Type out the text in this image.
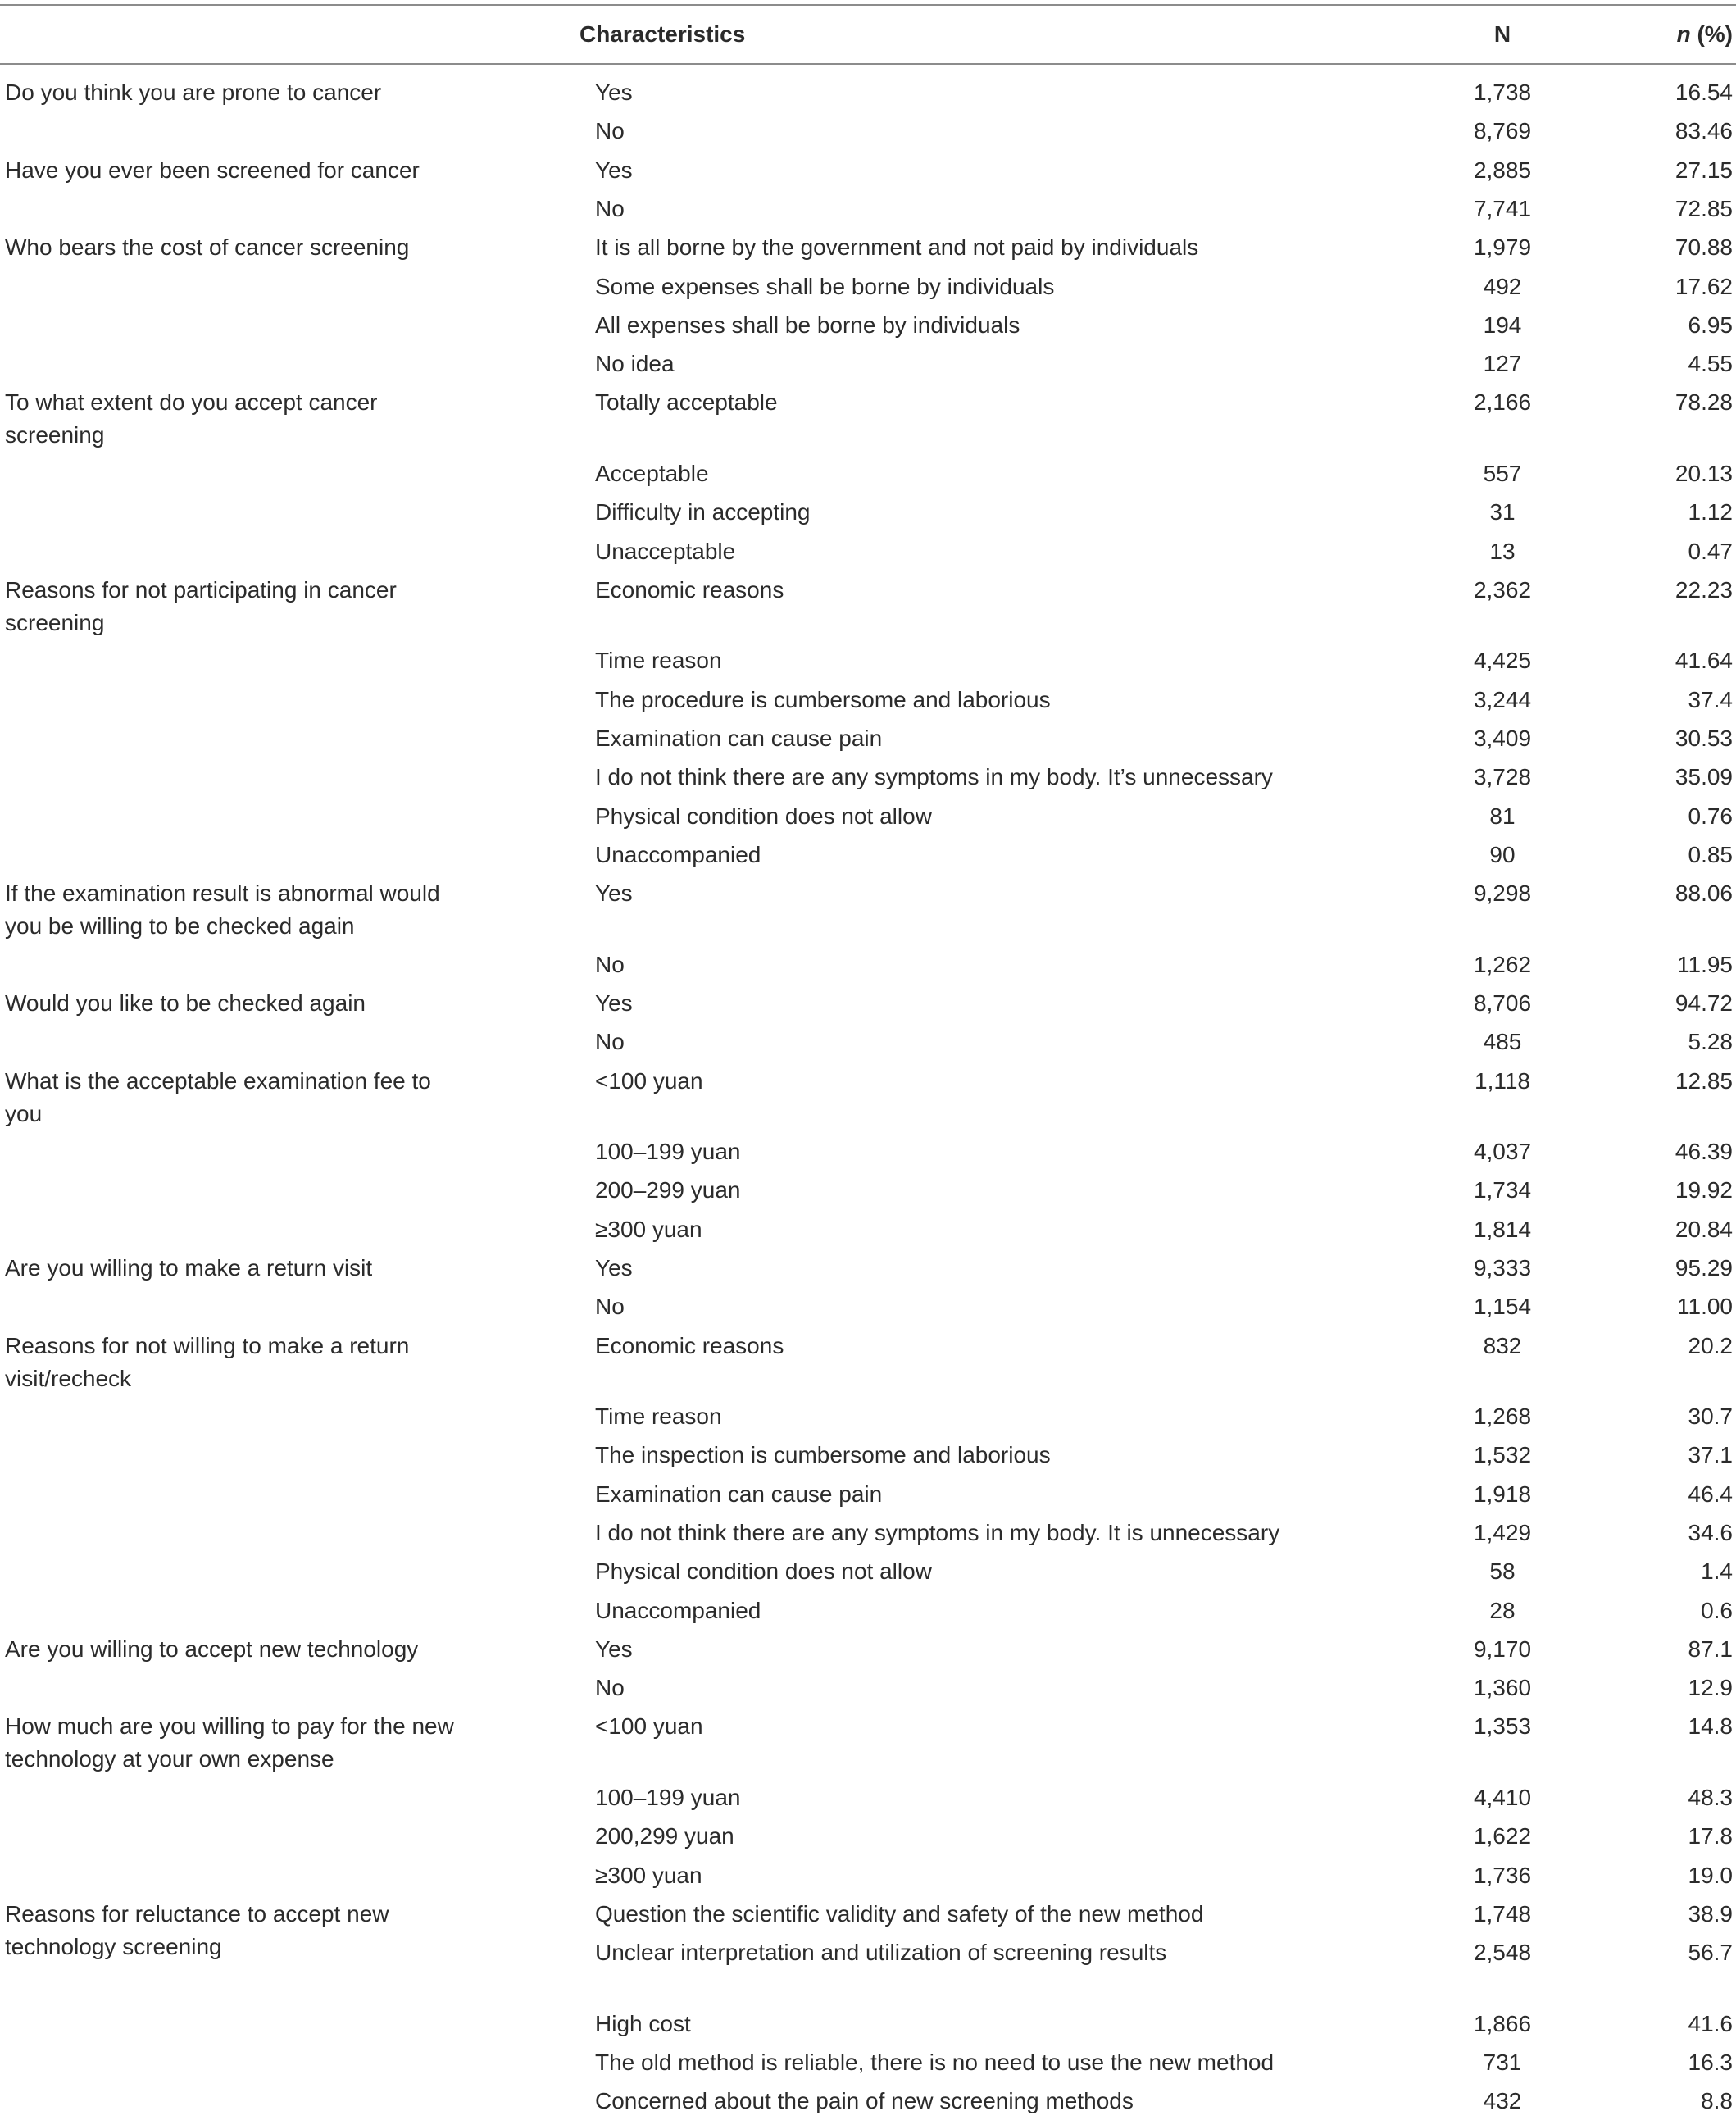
Characteristics	N	n (%)
Do you think you are prone to cancer	Yes	1,738	16.54
No	8,769	83.46
Have you ever been screened for cancer	Yes	2,885	27.15
No	7,741	72.85
Who bears the cost of cancer screening	It is all borne by the government and not paid by individuals	1,979	70.88
Some expenses shall be borne by individuals	492	17.62
All expenses shall be borne by individuals	194	6.95
No idea	127	4.55
To what extent do you accept cancer screening
Totally acceptable	2,166	78.28
Acceptable	557	20.13
Difficulty in accepting	31	1.12
Unacceptable	13	0.47
Reasons for not participating in cancer screening
Economic reasons	2,362	22.23
Time reason	4,425	41.64
The procedure is cumbersome and laborious	3,244	37.4
Examination can cause pain	3,409	30.53
I do not think there are any symptoms in my body. It’s unnecessary	3,728	35.09
Physical condition does not allow	81	0.76
Unaccompanied	90	0.85
If the examination result is abnormal would you be willing to be checked again
Yes	9,298	88.06
No	1,262	11.95
Would you like to be checked again	Yes	8,706	94.72
No	485	5.28
What is the acceptable examination fee to you
<100 yuan	1,118	12.85
100–199 yuan	4,037	46.39
200–299 yuan	1,734	19.92
≥300 yuan	1,814	20.84
Are you willing to make a return visit	Yes	9,333	95.29
No	1,154	11.00
Reasons for not willing to make a return visit/recheck
Economic reasons	832	20.2
Time reason	1,268	30.7
The inspection is cumbersome and laborious	1,532	37.1
Examination can cause pain	1,918	46.4
I do not think there are any symptoms in my body. It is unnecessary	1,429	34.6
Physical condition does not allow	58	1.4
Unaccompanied	28	0.6
Are you willing to accept new technology	Yes	9,170	87.1
No	1,360	12.9
How much are you willing to pay for the new technology at your own expense
<100 yuan	1,353	14.8
100–199 yuan	4,410	48.3
200,299 yuan	1,622	17.8
≥300 yuan	1,736	19.0
Reasons for reluctance to accept new technology screening
Question the scientific validity and safety of the new method	1,748	38.9
Unclear interpretation and utilization of screening results	2,548	56.7
High cost	1,866	41.6
The old method is reliable, there is no need to use the new method	731	16.3
Concerned about the pain of new screening methods	432	8.8
